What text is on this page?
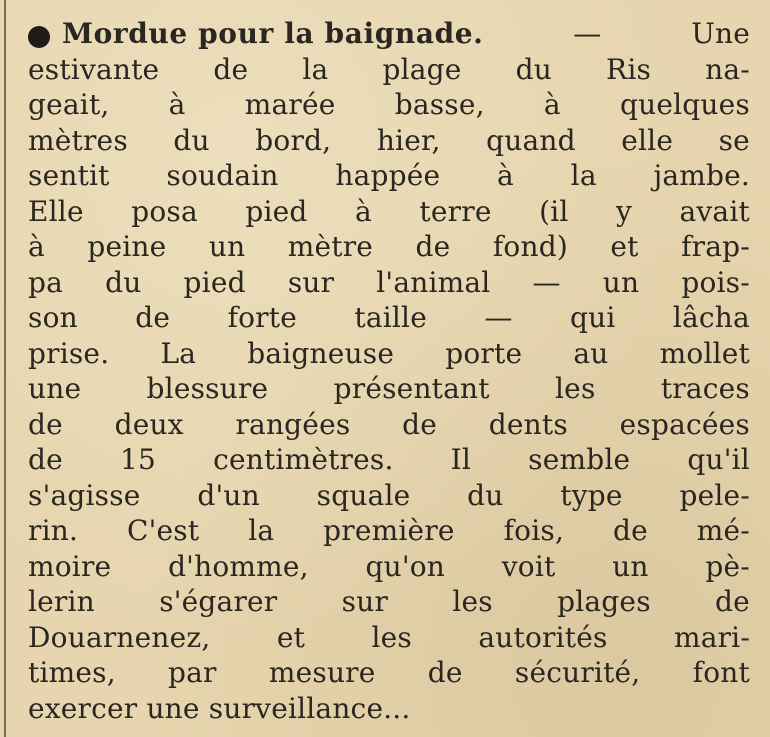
Mordue pour la baignade.	—	Une
estivante de la plage du Ris na-
geait, à marée basse, à quelques
mètres du bord, hier, quand elle se
sentit soudain happée à la jambe.
Elle posa pied à terre (il y avait
à peine un mètre de fond) et frap-
pa du pied sur l'animal — un pois-
son de forte taille — qui lâcha
prise. La baigneuse porte au mollet
une blessure présentant les traces
de deux rangées de dents espacées
de 15 centimètres. Il semble qu'il
s'agisse d'un squale du type pele-
rin. C'est la première fois, de mé-
moire d'homme, qu'on voit un pè-
lerin s'égarer sur les plages de
Douarnenez, et les autorités mari-
times, par mesure de sécurité, font
exercer une surveillance...
